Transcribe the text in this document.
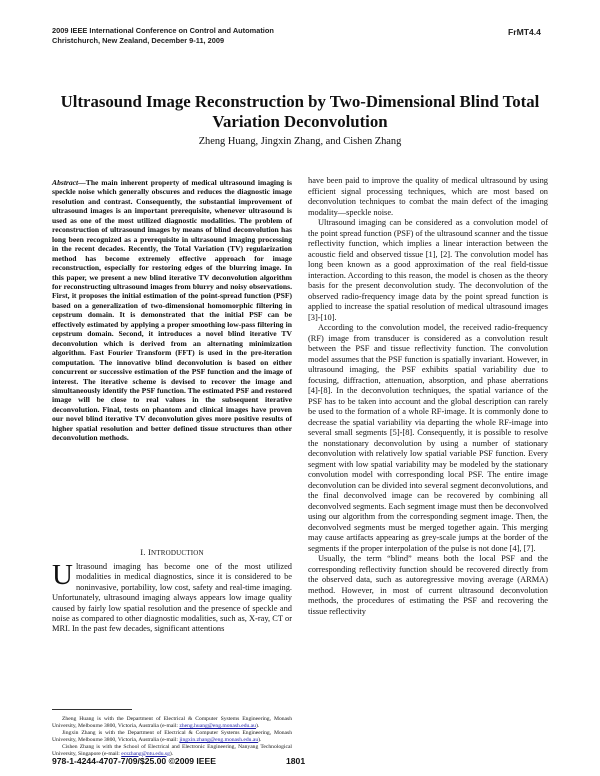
2009 IEEE International Conference on Control and Automation
Christchurch, New Zealand, December 9-11, 2009
FrMT4.4
Ultrasound Image Reconstruction by Two-Dimensional Blind Total
Variation Deconvolution
Zheng Huang, Jingxin Zhang, and Cishen Zhang
Abstract—The main inherent property of medical ultrasound imaging is speckle noise which generally obscures and reduces the diagnostic image resolution and contrast. Consequently, the substantial improvement of ultrasound images is an important prerequisite, whenever ultrasound is used as one of the most utilized diagnostic modalities. The problem of reconstruction of ultrasound images by means of blind deconvolution has long been recognized as a prerequisite in ultrasound imaging processing in the recent decades. Recently, the Total Variation (TV) regularization method has become extremely effective approach for image reconstruction, especially for restoring edges of the blurring image. In this paper, we present a new blind iterative TV deconvolution algorithm for reconstructing ultrasound images from blurry and noisy observations. First, it proposes the initial estimation of the point-spread function (PSF) based on a generalization of two-dimensional homomorphic filtering in cepstrum domain. It is demonstrated that the initial PSF can be effectively estimated by applying a proper smoothing low-pass filtering in cepstrum domain. Second, it introduces a novel blind iterative TV deconvolution which is derived from an alternating minimization algorithm. Fast Fourier Transform (FFT) is used in the pre-iteration computation. The innovative blind deconvolution is based on either concurrent or successive estimation of the PSF function and the image of interest. The iterative scheme is devised to recover the image and simultaneously identify the PSF function. The estimated PSF and restored image will be close to real values in the subsequent iterative deconvolution. Final, tests on phantom and clinical images have proven our novel blind iterative TV deconvolution gives more positive results of higher spatial resolution and better defined tissue structures than other deconvolution methods.
I. INTRODUCTION
Ultrasound imaging has become one of the most utilized modalities in medical diagnostics, since it is considered to be noninvasive, portability, low cost, safety and real-time imaging. Unfortunately, ultrasound imaging always appears low image quality caused by fairly low spatial resolution and the presence of speckle and noise as compared to other diagnostic modalities, such as, X-ray, CT or MRI. In the past few decades, significant attentions

Zheng Huang is with the Department of Electrical & Computer Systems Engineering, Monash University, Melbourne 3800, Victoria, Australia (e-mail: zheng.huang@eng.monash.edu.au).

Jingxin Zhang is with the Department of Electrical & Computer Systems Engineering, Monash University, Melbourne 3800, Victoria, Australia (e-mail: jingxin.zhang@eng.monash.edu.au).

Cishen Zhang is with the School of Electrical and Electronic Engineering, Nanyang Technological University, Singapore (e-mail: ecszhang@ntu.edu.sg).

have been paid to improve the quality of medical ultrasound by using efficient signal processing techniques, which are most based on deconvolution techniques to combat the main defect of the imaging modality—speckle noise.

Ultrasound imaging can be considered as a convolution model of the point spread function (PSF) of the ultrasound scanner and the tissue reflectivity function, which implies a linear interaction between the acoustic field and observed tissue [1], [2]. The convolution model has long been known as a good approximation of the real field-tissue interaction. According to this reason, the model is chosen as the theory basis for the present deconvolution study. The deconvolution of the observed radio-frequency image data by the point spread function is applied to increase the spatial resolution of medical ultrasound images [3]-[10].

According to the convolution model, the received radio-frequency (RF) image from transducer is considered as a convolution result between the PSF and tissue reflectivity function. The convolution model assumes that the PSF function is spatially invariant. However, in ultrasound imaging, the PSF exhibits spatial variability due to focusing, diffraction, attenuation, absorption, and phase aberrations [4]-[8]. In the deconvolution techniques, the spatial variance of the PSF has to be taken into account and the global description can rarely be used to the formation of a whole RF-image. It is commonly done to decrease the spatial variability via departing the whole RF-image into several small segments [5]-[8]. Consequently, it is possible to resolve the nonstationary deconvolution by using a number of stationary deconvolution with relatively low spatial variable PSF function. Every segment with low spatial variability may be modeled by the stationary convolution model with corresponding local PSF. The entire image deconvolution can be divided into several segment deconvolutions, and the final deconvolved image can be recovered by combining all deconvolved segments. Each segment image must then be deconvolved using our algorithm from the corresponding segment image. Then, the deconvolved segments must be merged together again. This merging may cause artifacts appearing as grey-scale jumps at the border of the segments if the proper interpolation of the pulse is not done [4], [7].

Usually, the term “blind” means both the local PSF and the corresponding reflectivity function should be recovered directly from the observed data, such as autoregressive moving average (ARMA) method. However, in most of current ultrasound deconvolution methods, the procedures of estimating the PSF and recovering the tissue reflectivity

978-1-4244-4707-7/09/$25.00 ©2009 IEEE	1801
